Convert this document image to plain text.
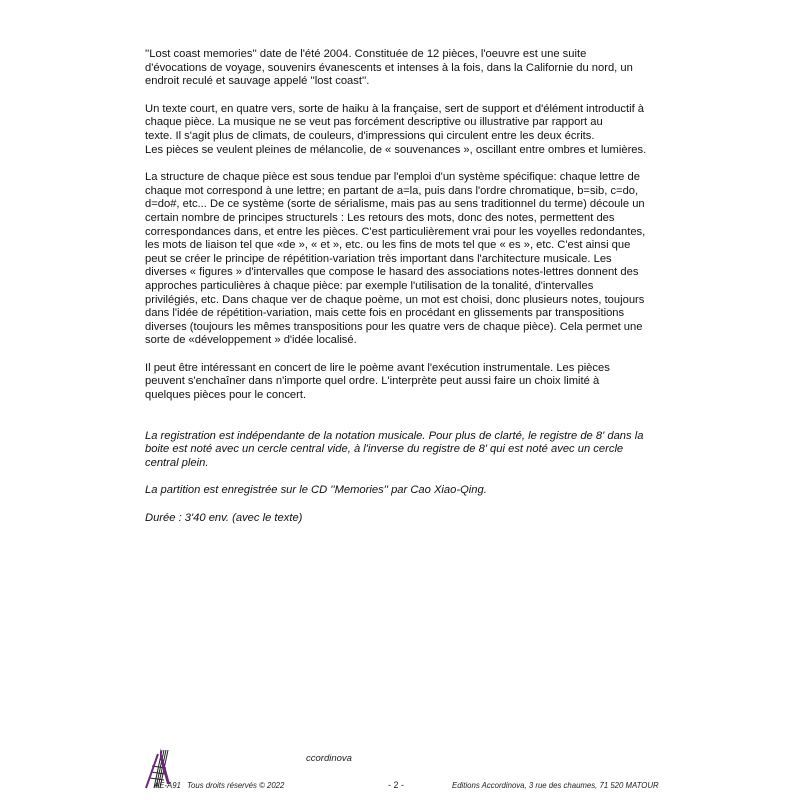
''Lost coast memories'' date de l'été 2004. Constituée de 12 pièces, l'oeuvre est une suite
d'évocations de voyage, souvenirs évanescents et intenses à la fois, dans la Californie du nord, un
endroit reculé et sauvage appelé ''lost coast''.

Un texte court, en quatre vers, sorte de haiku à la française, sert de support et d'élément introductif à
chaque pièce. La musique ne se veut pas forcément descriptive ou illustrative par rapport au
texte. Il s'agit plus de climats, de couleurs, d'impressions qui circulent entre les deux écrits.
Les pièces se veulent pleines de mélancolie, de « souvenances », oscillant entre ombres et lumières.

La structure de chaque pièce est sous tendue par l'emploi d'un système spécifique: chaque lettre de
chaque mot correspond à une lettre; en partant de a=la, puis dans l'ordre chromatique, b=sib, c=do,
d=do#, etc... De ce système (sorte de sérialisme, mais pas au sens traditionnel du terme) découle un
certain nombre de principes structurels : Les retours des mots, donc des notes, permettent des
correspondances dans, et entre les pièces. C'est particulièrement vrai pour les voyelles redondantes,
les mots de liaison tel que «de », « et », etc. ou les fins de mots tel que « es », etc. C'est ainsi que
peut se créer le principe de répétition-variation très important dans l'architecture musicale. Les
diverses « figures » d'intervalles que compose le hasard des associations notes-lettres donnent des
approches particulières à chaque pièce: par exemple l'utilisation de la tonalité, d'intervalles
privilégiés, etc. Dans chaque ver de chaque poème, un mot est choisi, donc plusieurs notes, toujours
dans l'idée de répétition-variation, mais cette fois en procédant en glissements par transpositions
diverses (toujours les mêmes transpositions pour les quatre vers de chaque pièce). Cela permet une
sorte de «développement » d'idée localisé.

Il peut être intéressant en concert de lire le poème avant l'exécution instrumentale. Les pièces
peuvent s'enchaîner dans n'importe quel ordre. L'interprète peut aussi faire un choix limité à
quelques pièces pour le concert.

La registration est indépendante de la notation musicale. Pour plus de clarté, le registre de 8' dans la
boite est noté avec un cercle central vide, à l'inverse du registre de 8' qui est noté avec un cercle
central plein.

La partition est enregistrée sur le CD ''Memories'' par Cao Xiao-Qing.

Durée : 3'40 env. (avec le texte)

ccordinova
AE-A91 Tous droits réservés © 2022	- 2 -	Editions Accordinova, 3 rue des chaumes, 71 520 MATOUR
